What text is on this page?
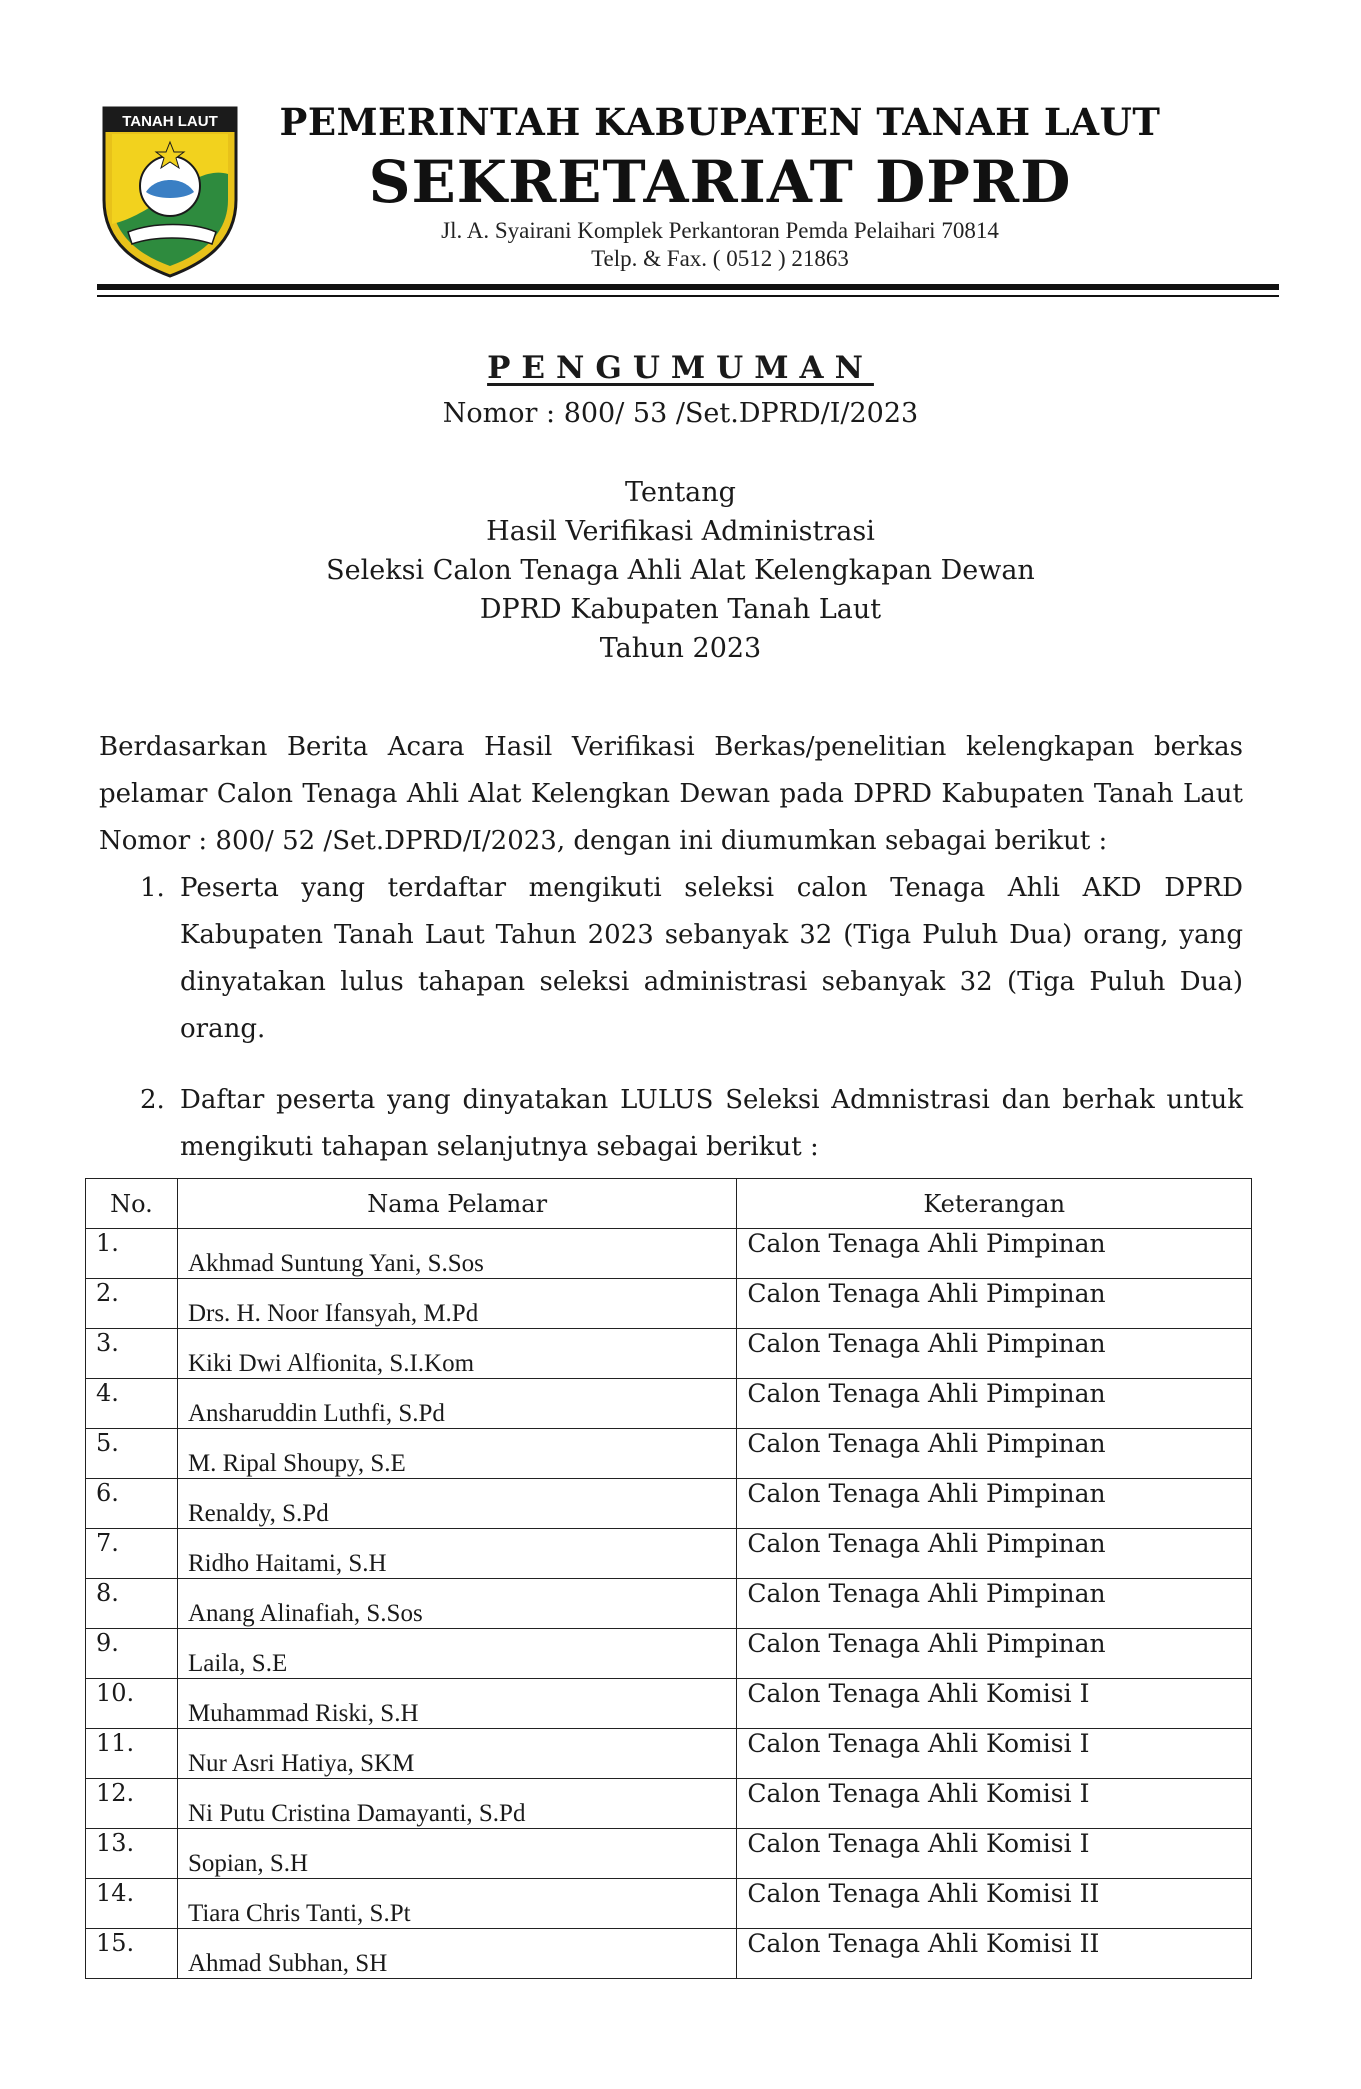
TANAH LAUT	PEMERINTAH KABUPATEN TANAH LAUT
SEKRETARIAT DPRD
Jl. A. Syairani Komplek Perkantoran Pemda Pelaihari 70814
Telp. & Fax. ( 0512 ) 21863
PENGUMUMAN
Nomor : 800/ 53 /Set.DPRD/I/2023
Tentang
Hasil Verifikasi Administrasi
Seleksi Calon Tenaga Ahli Alat Kelengkapan Dewan
DPRD Kabupaten Tanah Laut
Tahun 2023
Berdasarkan Berita Acara Hasil Verifikasi Berkas/penelitian kelengkapan berkas pelamar Calon Tenaga Ahli Alat Kelengkan Dewan pada DPRD Kabupaten Tanah Laut Nomor : 800/ 52 /Set.DPRD/I/2023, dengan ini diumumkan sebagai berikut :
1. Peserta yang terdaftar mengikuti seleksi calon Tenaga Ahli AKD DPRD Kabupaten Tanah Laut Tahun 2023 sebanyak 32 (Tiga Puluh Dua) orang, yang dinyatakan lulus tahapan seleksi administrasi sebanyak 32 (Tiga Puluh Dua) orang.
2. Daftar peserta yang dinyatakan LULUS Seleksi Admnistrasi dan berhak untuk mengikuti tahapan selanjutnya sebagai berikut :
No.	Nama Pelamar	Keterangan
1.	Akhmad Suntung Yani, S.Sos	Calon Tenaga Ahli Pimpinan
2.	Drs. H. Noor Ifansyah, M.Pd	Calon Tenaga Ahli Pimpinan
3.	Kiki Dwi Alfionita, S.I.Kom	Calon Tenaga Ahli Pimpinan
4.	Ansharuddin Luthfi, S.Pd	Calon Tenaga Ahli Pimpinan
5.	M. Ripal Shoupy, S.E	Calon Tenaga Ahli Pimpinan
6.	Renaldy, S.Pd	Calon Tenaga Ahli Pimpinan
7.	Ridho Haitami, S.H	Calon Tenaga Ahli Pimpinan
8.	Anang Alinafiah, S.Sos	Calon Tenaga Ahli Pimpinan
9.	Laila, S.E	Calon Tenaga Ahli Pimpinan
10.	Muhammad Riski, S.H	Calon Tenaga Ahli Komisi I
11.	Nur Asri Hatiya, SKM	Calon Tenaga Ahli Komisi I
12.	Ni Putu Cristina Damayanti, S.Pd	Calon Tenaga Ahli Komisi I
13.	Sopian, S.H	Calon Tenaga Ahli Komisi I
14.	Tiara Chris Tanti, S.Pt	Calon Tenaga Ahli Komisi II
15.	Ahmad Subhan, SH	Calon Tenaga Ahli Komisi II
